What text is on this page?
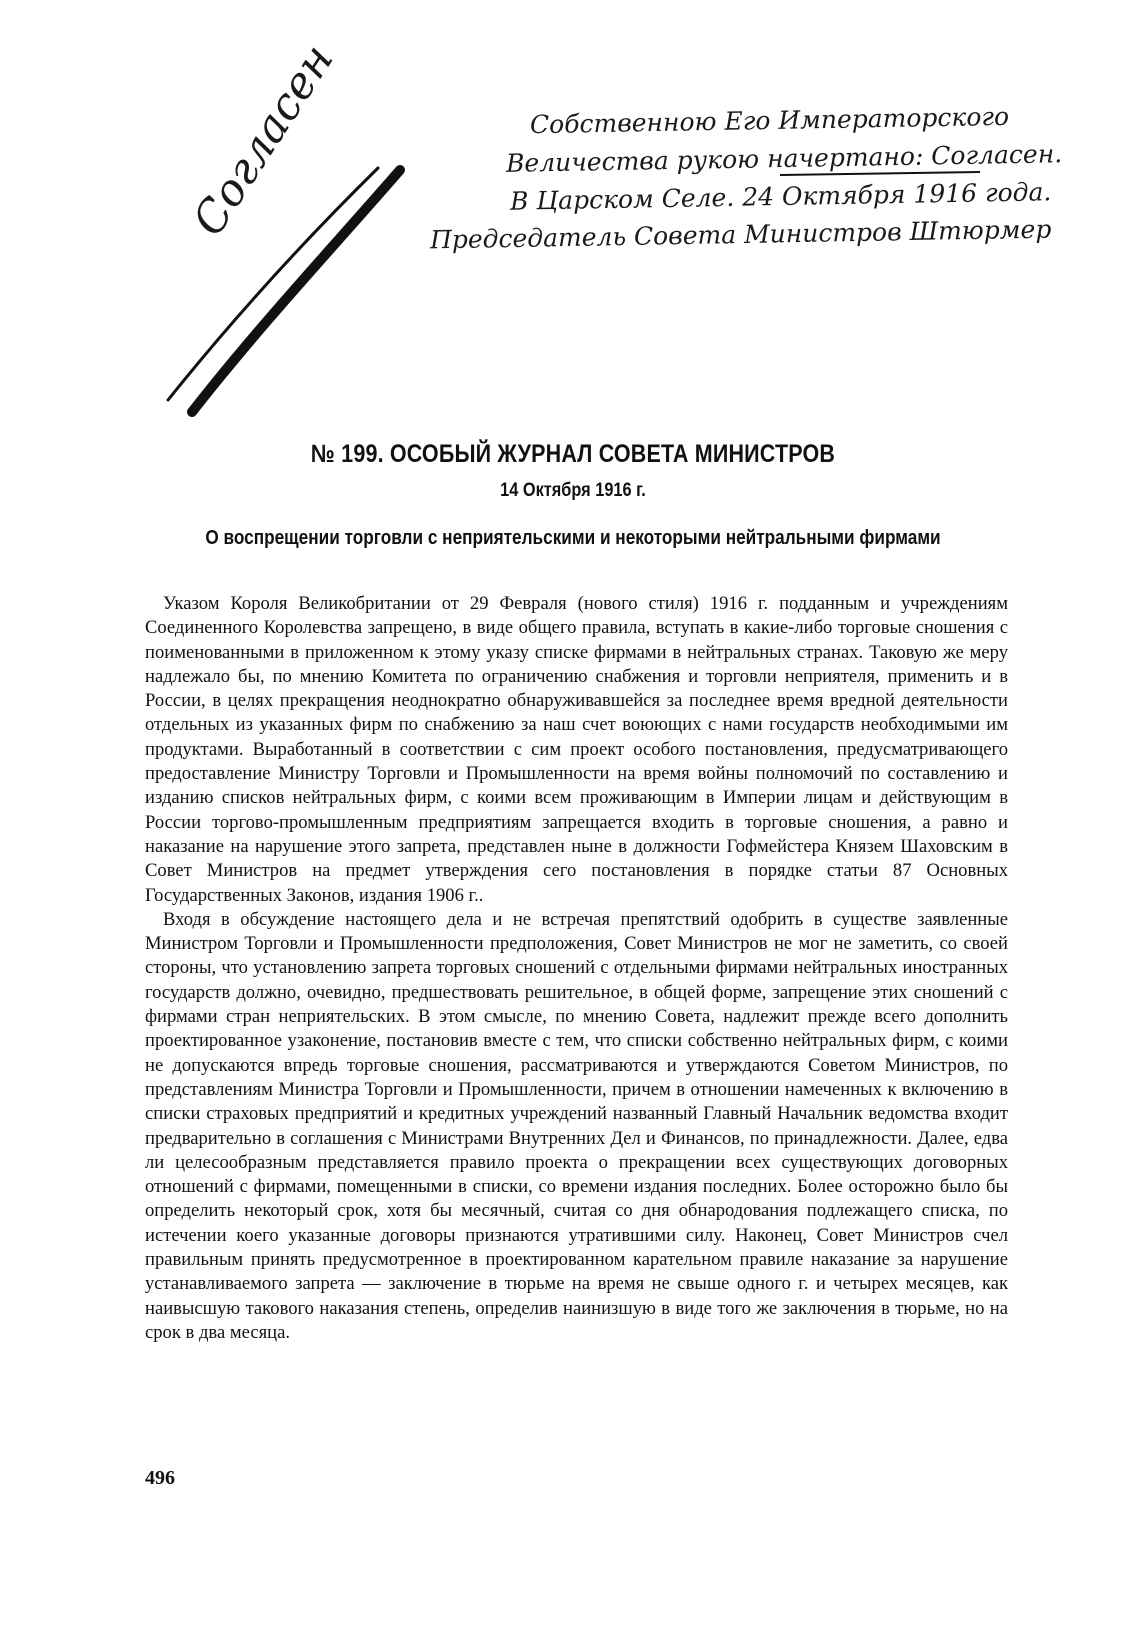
Согласен	Собственною Его Императорского
Величества рукою начертано: Согласен.
В Царском Селе. 24 Октября 1916 года.
Председатель Совета Министров Штюрмер
№ 199. ОСОБЫЙ ЖУРНАЛ СОВЕТА МИНИСТРОВ
14 Октября 1916 г.
О воспрещении торговли с неприятельскими и некоторыми нейтральными фирмами

Указом Короля Великобритании от 29 Февраля (нового стиля) 1916 г. подданным и учреждениям Соединенного Королевства запрещено, в виде общего правила, вступать в какие-либо торговые сношения с поименованными в приложенном к этому указу списке фирмами в нейтральных странах. Таковую же меру надлежало бы, по мнению Комитета по ограничению снабжения и торговли неприятеля, применить и в России, в целях прекращения неоднократно обнаруживавшейся за последнее время вредной деятельности отдельных из указанных фирм по снабжению за наш счет воюющих с нами государств необходимыми им продуктами. Выработанный в соответствии с сим проект особого постановления, предусматривающего предоставление Министру Торговли и Промышленности на время войны полномочий по составлению и изданию списков нейтральных фирм, с коими всем проживающим в Империи лицам и действующим в России торгово-промышленным предприятиям запрещается входить в торговые сношения, а равно и наказание на нарушение этого запрета, представлен ныне в должности Гофмейстера Князем Шаховским в Совет Министров на предмет утверждения сего постановления в порядке статьи 87 Основных Государственных Законов, издания 1906 г..

Входя в обсуждение настоящего дела и не встречая препятствий одобрить в существе заявленные Министром Торговли и Промышленности предположения, Совет Министров не мог не заметить, со своей стороны, что установлению запрета торговых сношений с отдельными фирмами нейтральных иностранных государств должно, очевидно, предшествовать решительное, в общей форме, запрещение этих сношений с фирмами стран неприятельских. В этом смысле, по мнению Совета, надлежит прежде всего дополнить проектированное узаконение, постановив вместе с тем, что списки собственно нейтральных фирм, с коими не допускаются впредь торговые сношения, рассматриваются и утверждаются Советом Министров, по представлениям Министра Торговли и Промышленности, причем в отношении намеченных к включению в списки страховых предприятий и кредитных учреждений названный Главный Начальник ведомства входит предварительно в соглашения с Министрами Внутренних Дел и Финансов, по принадлежности. Далее, едва ли целесообразным представляется правило проекта о прекращении всех существующих договорных отношений с фирмами, помещенными в списки, со времени издания последних. Более осторожно было бы определить некоторый срок, хотя бы месячный, считая со дня обнародования подлежащего списка, по истечении коего указанные договоры признаются утратившими силу. Наконец, Совет Министров счел правильным принять предусмотренное в проектированном карательном правиле наказание за нарушение устанавливаемого запрета — заключение в тюрьме на время не свыше одного г. и четырех месяцев, как наивысшую такового наказания степень, определив наинизшую в виде того же заключения в тюрьме, но на срок в два месяца.

496
